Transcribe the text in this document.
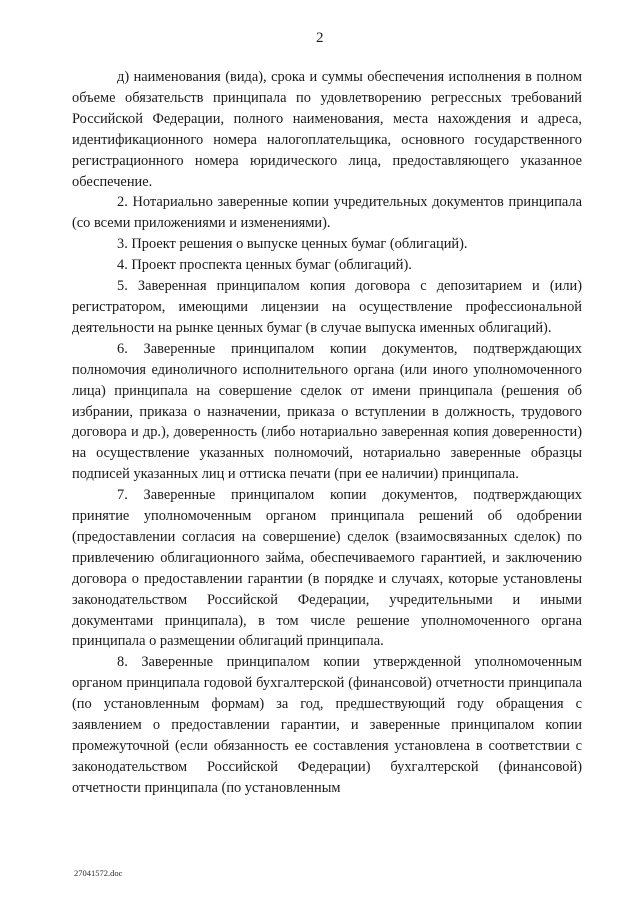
2

д) наименования (вида), срока и суммы обеспечения исполнения в полном объеме обязательств принципала по удовлетворению регрессных требований Российской Федерации, полного наименования, места нахождения и адреса, идентификационного номера налогоплательщика, основного государственного регистрационного номера юридического лица, предоставляющего указанное обеспечение.

2. Нотариально заверенные копии учредительных документов принципала (со всеми приложениями и изменениями).

3. Проект решения о выпуске ценных бумаг (облигаций).

4. Проект проспекта ценных бумаг (облигаций).

5. Заверенная принципалом копия договора с депозитарием и (или) регистратором, имеющими лицензии на осуществление профессиональной деятельности на рынке ценных бумаг (в случае выпуска именных облигаций).

6. Заверенные принципалом копии документов, подтверждающих полномочия единоличного исполнительного органа (или иного уполномоченного лица) принципала на совершение сделок от имени принципала (решения об избрании, приказа о назначении, приказа о вступлении в должность, трудового договора и др.), доверенность (либо нотариально заверенная копия доверенности) на осуществление указанных полномочий, нотариально заверенные образцы подписей указанных лиц и оттиска печати (при ее наличии) принципала.

7. Заверенные принципалом копии документов, подтверждающих принятие уполномоченным органом принципала решений об одобрении (предоставлении согласия на совершение) сделок (взаимосвязанных сделок) по привлечению облигационного займа, обеспечиваемого гарантией, и заключению договора о предоставлении гарантии (в порядке и случаях, которые установлены законодательством Российской Федерации, учредительными и иными документами принципала), в том числе решение уполномоченного органа принципала о размещении облигаций принципала.

8. Заверенные принципалом копии утвержденной уполномоченным органом принципала годовой бухгалтерской (финансовой) отчетности принципала (по установленным формам) за год, предшествующий году обращения с заявлением о предоставлении гарантии, и заверенные принципалом копии промежуточной (если обязанность ее составления установлена в соответствии с законодательством Российской Федерации) бухгалтерской (финансовой) отчетности принципала (по установленным

27041572.doc
